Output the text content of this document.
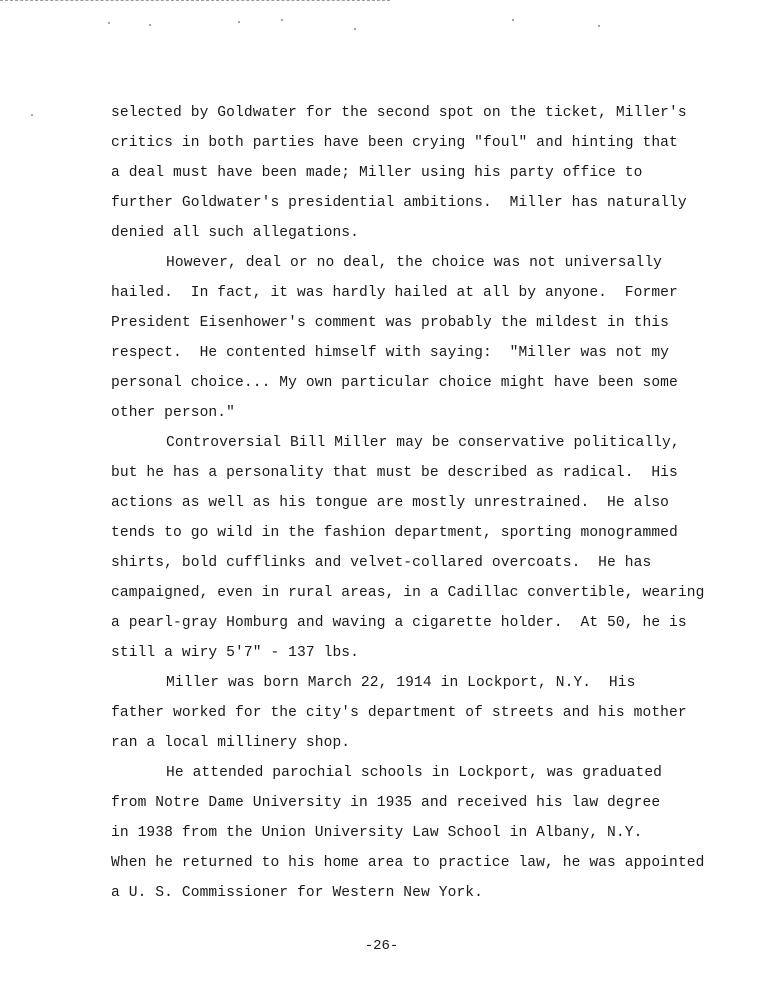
selected by Goldwater for the second spot on the ticket, Miller's
critics in both parties have been crying "foul" and hinting that
a deal must have been made; Miller using his party office to
further Goldwater's presidential ambitions.  Miller has naturally
denied all such allegations.
However, deal or no deal, the choice was not universally
hailed.  In fact, it was hardly hailed at all by anyone.  Former
President Eisenhower's comment was probably the mildest in this
respect.  He contented himself with saying:  "Miller was not my
personal choice... My own particular choice might have been some
other person."
Controversial Bill Miller may be conservative politically,
but he has a personality that must be described as radical.  His
actions as well as his tongue are mostly unrestrained.  He also
tends to go wild in the fashion department, sporting monogrammed
shirts, bold cufflinks and velvet-collared overcoats.  He has
campaigned, even in rural areas, in a Cadillac convertible, wearing
a pearl-gray Homburg and waving a cigarette holder.  At 50, he is
still a wiry 5'7" - 137 lbs.
Miller was born March 22, 1914 in Lockport, N.Y.  His
father worked for the city's department of streets and his mother
ran a local millinery shop.
He attended parochial schools in Lockport, was graduated
from Notre Dame University in 1935 and received his law degree
in 1938 from the Union University Law School in Albany, N.Y.
When he returned to his home area to practice law, he was appointed
a U. S. Commissioner for Western New York.
-26-
